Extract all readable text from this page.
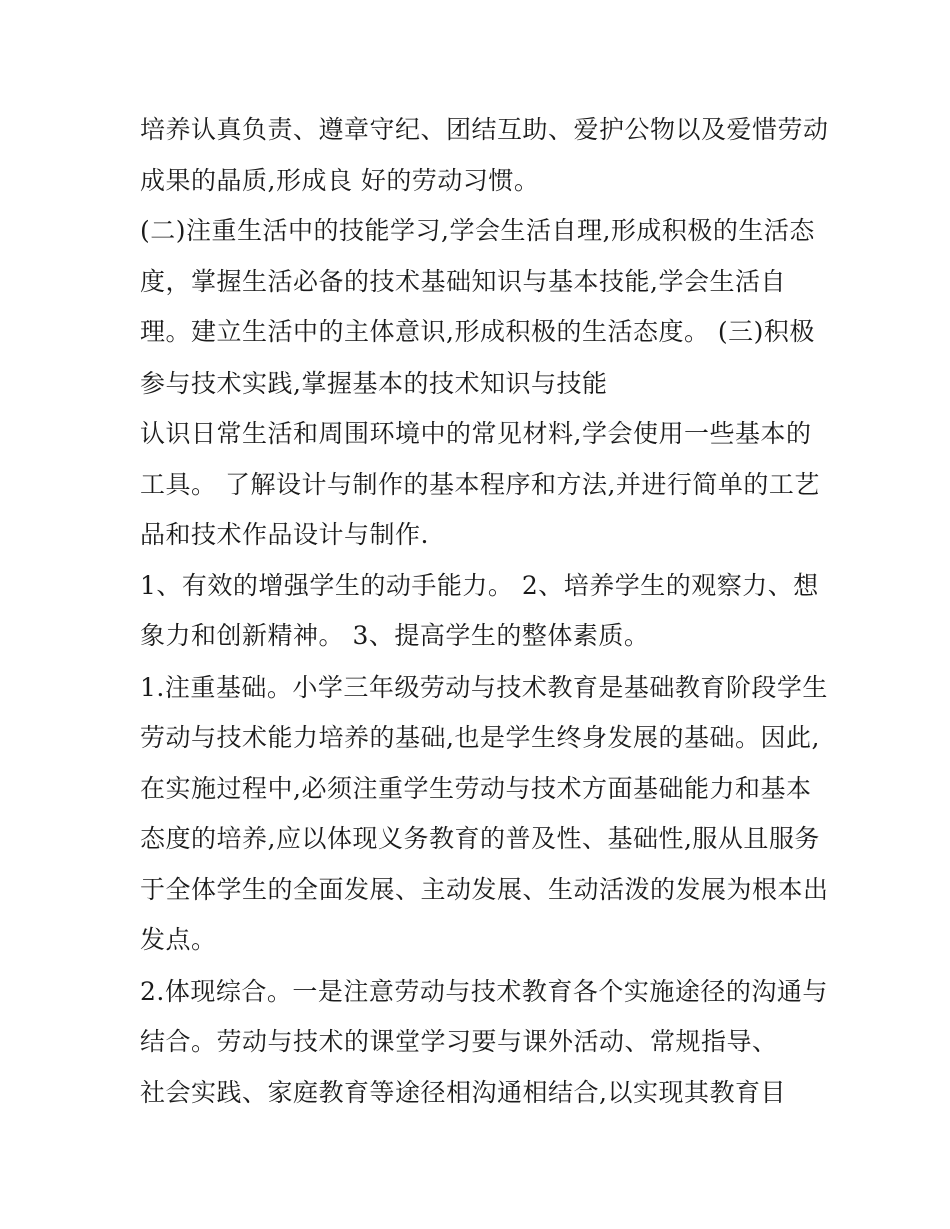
培养认真负责、遵章守纪、团结互助、爱护公物以及爱惜劳动
成果的晶质,形成良 好的劳动习惯。
(二)注重生活中的技能学习,学会生活自理,形成积极的生活态
度，掌握生活必备的技术基础知识与基本技能,学会生活自
理。建立生活中的主体意识,形成积极的生活态度。 (三)积极
参与技术实践,掌握基本的技术知识与技能
认识日常生活和周围环境中的常见材料,学会使用一些基本的
工具。 了解设计与制作的基本程序和方法,并进行简单的工艺
品和技术作品设计与制作.
1、有效的增强学生的动手能力。 2、培养学生的观察力、想
象力和创新精神。 3、提高学生的整体素质。
1.注重基础。小学三年级劳动与技术教育是基础教育阶段学生
劳动与技术能力培养的基础,也是学生终身发展的基础。因此,
在实施过程中,必须注重学生劳动与技术方面基础能力和基本
态度的培养,应以体现义务教育的普及性、基础性,服从且服务
于全体学生的全面发展、主动发展、生动活泼的发展为根本出
发点。
2.体现综合。一是注意劳动与技术教育各个实施途径的沟通与
结合。劳动与技术的课堂学习要与课外活动、常规指导、
社会实践、家庭教育等途径相沟通相结合,以实现其教育目
